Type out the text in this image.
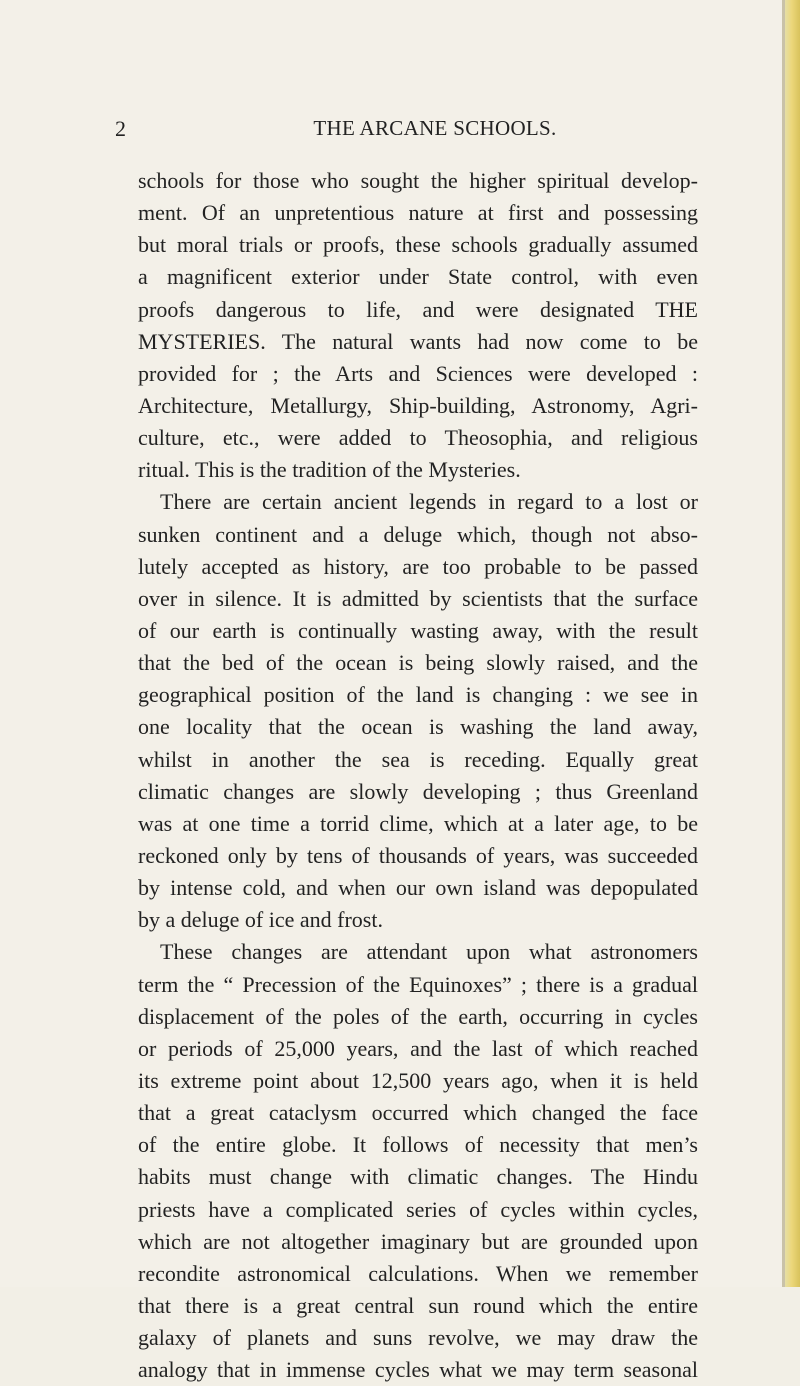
2	THE ARCANE SCHOOLS.
schools for those who sought the higher spiritual develop-
ment. Of an unpretentious nature at first and possessing
but moral trials or proofs, these schools gradually assumed
a magnificent exterior under State control, with even
proofs dangerous to life, and were designated THE
MYSTERIES. The natural wants had now come to be
provided for ; the Arts and Sciences were developed :
Architecture, Metallurgy, Ship-building, Astronomy, Agri-
culture, etc., were added to Theosophia, and religious
ritual. This is the tradition of the Mysteries.
There are certain ancient legends in regard to a lost or
sunken continent and a deluge which, though not abso-
lutely accepted as history, are too probable to be passed
over in silence. It is admitted by scientists that the surface
of our earth is continually wasting away, with the result
that the bed of the ocean is being slowly raised, and the
geographical position of the land is changing : we see in
one locality that the ocean is washing the land away,
whilst in another the sea is receding. Equally great
climatic changes are slowly developing ; thus Greenland
was at one time a torrid clime, which at a later age, to be
reckoned only by tens of thousands of years, was succeeded
by intense cold, and when our own island was depopulated
by a deluge of ice and frost.
These changes are attendant upon what astronomers
term the “ Precession of the Equinoxes” ; there is a gradual
displacement of the poles of the earth, occurring in cycles
or periods of 25,000 years, and the last of which reached
its extreme point about 12,500 years ago, when it is held
that a great cataclysm occurred which changed the face
of the entire globe. It follows of necessity that men’s
habits must change with climatic changes. The Hindu
priests have a complicated series of cycles within cycles,
which are not altogether imaginary but are grounded upon
recondite astronomical calculations. When we remember
that there is a great central sun round which the entire
galaxy of planets and suns revolve, we may draw the
analogy that in immense cycles what we may term seasonal
